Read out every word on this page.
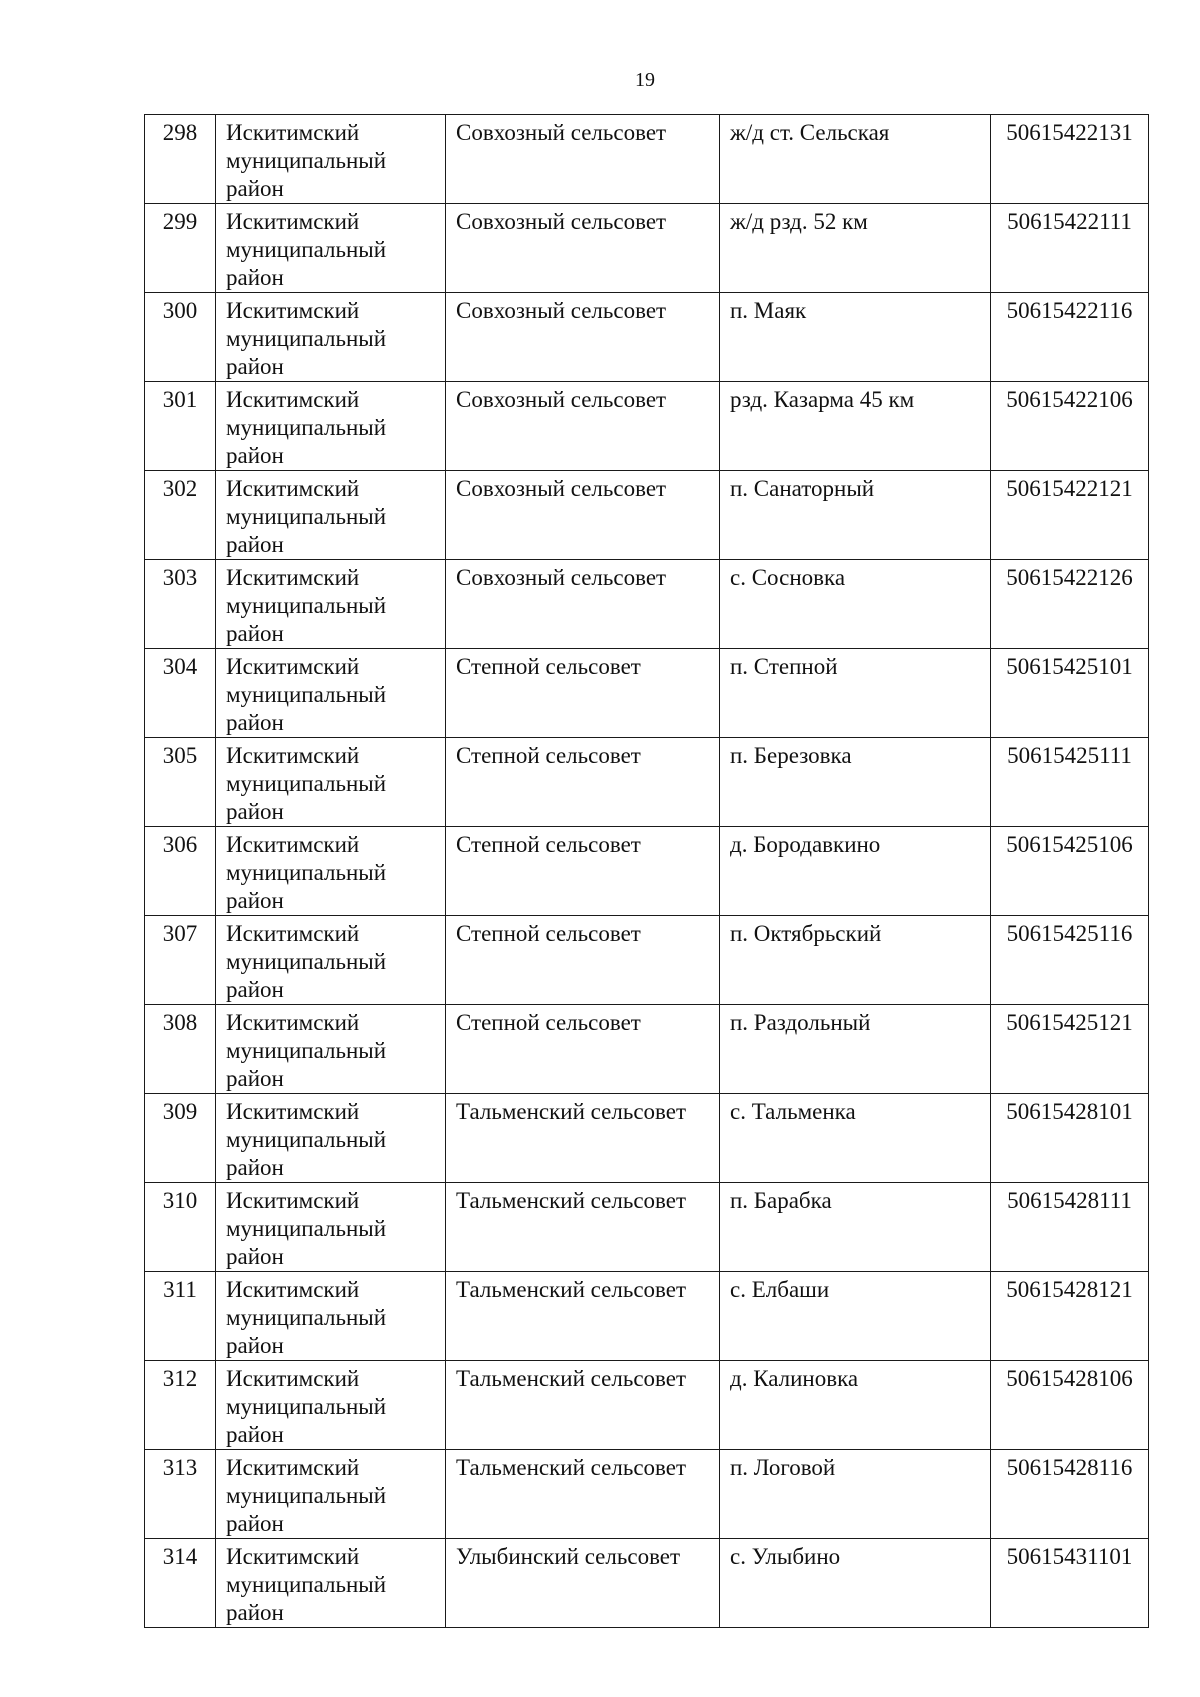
19
298	Искитимский муниципальный район	Совхозный сельсовет	ж/д ст. Сельская	50615422131
299	Искитимский муниципальный район	Совхозный сельсовет	ж/д рзд. 52 км	50615422111
300	Искитимский муниципальный район	Совхозный сельсовет	п. Маяк	50615422116
301	Искитимский муниципальный район	Совхозный сельсовет	рзд. Казарма 45 км	50615422106
302	Искитимский муниципальный район	Совхозный сельсовет	п. Санаторный	50615422121
303	Искитимский муниципальный район	Совхозный сельсовет	с. Сосновка	50615422126
304	Искитимский муниципальный район	Степной сельсовет	п. Степной	50615425101
305	Искитимский муниципальный район	Степной сельсовет	п. Березовка	50615425111
306	Искитимский муниципальный район	Степной сельсовет	д. Бородавкино	50615425106
307	Искитимский муниципальный район	Степной сельсовет	п. Октябрьский	50615425116
308	Искитимский муниципальный район	Степной сельсовет	п. Раздольный	50615425121
309	Искитимский муниципальный район	Тальменский сельсовет	с. Тальменка	50615428101
310	Искитимский муниципальный район	Тальменский сельсовет	п. Барабка	50615428111
311	Искитимский муниципальный район	Тальменский сельсовет	с. Елбаши	50615428121
312	Искитимский муниципальный район	Тальменский сельсовет	д. Калиновка	50615428106
313	Искитимский муниципальный район	Тальменский сельсовет	п. Логовой	50615428116
314	Искитимский муниципальный район	Улыбинский сельсовет	с. Улыбино	50615431101
